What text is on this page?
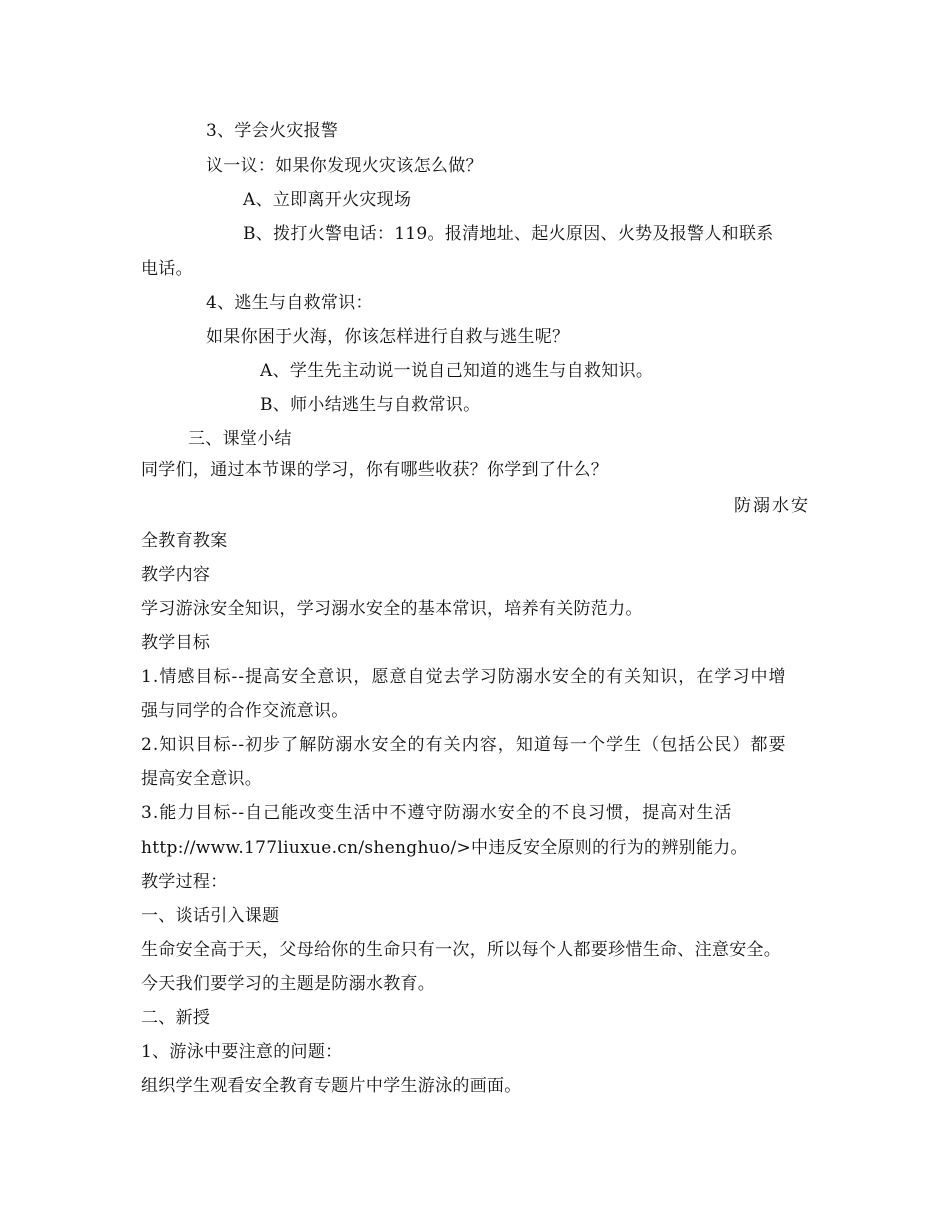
3、学会火灾报警
议一议：如果你发现火灾该怎么做？
A、立即离开火灾现场
B、拨打火警电话：119。报清地址、起火原因、火势及报警人和联系
电话。
4、逃生与自救常识：
如果你困于火海，你该怎样进行自救与逃生呢？
A、学生先主动说一说自己知道的逃生与自救知识。
B、师小结逃生与自救常识。
三、课堂小结
同学们，通过本节课的学习，你有哪些收获？你学到了什么？
防溺水安
全教育教案
教学内容
学习游泳安全知识，学习溺水安全的基本常识，培养有关防范力。
教学目标
1.情感目标--提高安全意识，愿意自觉去学习防溺水安全的有关知识，在学习中增
强与同学的合作交流意识。
2.知识目标--初步了解防溺水安全的有关内容，知道每一个学生（包括公民）都要
提高安全意识。
3.能力目标--自己能改变生活中不遵守防溺水安全的不良习惯，提高对生活
http://www.177liuxue.cn/shenghuo/>中违反安全原则的行为的辨别能力。
教学过程：
一、谈话引入课题
生命安全高于天，父母给你的生命只有一次，所以每个人都要珍惜生命、注意安全。
今天我们要学习的主题是防溺水教育。
二、新授
1、游泳中要注意的问题：
组织学生观看安全教育专题片中学生游泳的画面。
